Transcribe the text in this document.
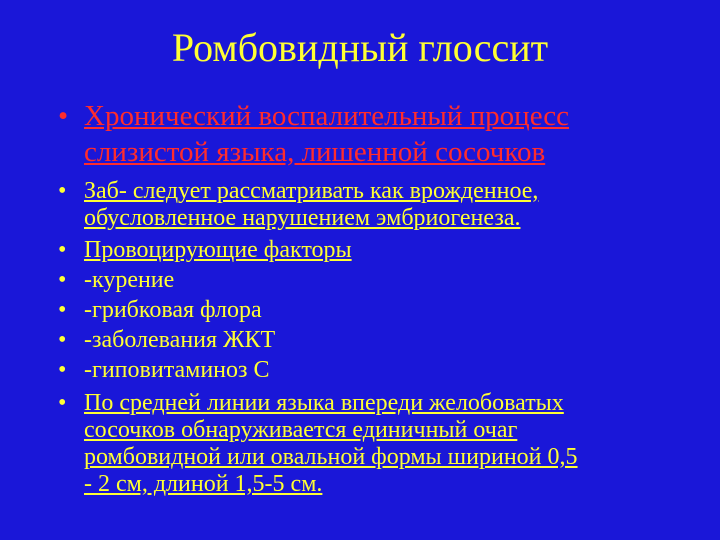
Ромбовидный глоссит
• Хронический воспалительный процесс
слизистой языка, лишенной сосочков
• Заб- следует рассматривать как врожденное,
обусловленное нарушением эмбриогенеза.
• Провоцирующие факторы
• -курение
• -грибковая флора
• -заболевания ЖКТ
• -гиповитаминоз С
• По средней линии языка впереди желобоватых
сосочков обнаруживается единичный очаг
ромбовидной или овальной формы шириной 0,5
- 2 см, длиной 1,5-5 см.
